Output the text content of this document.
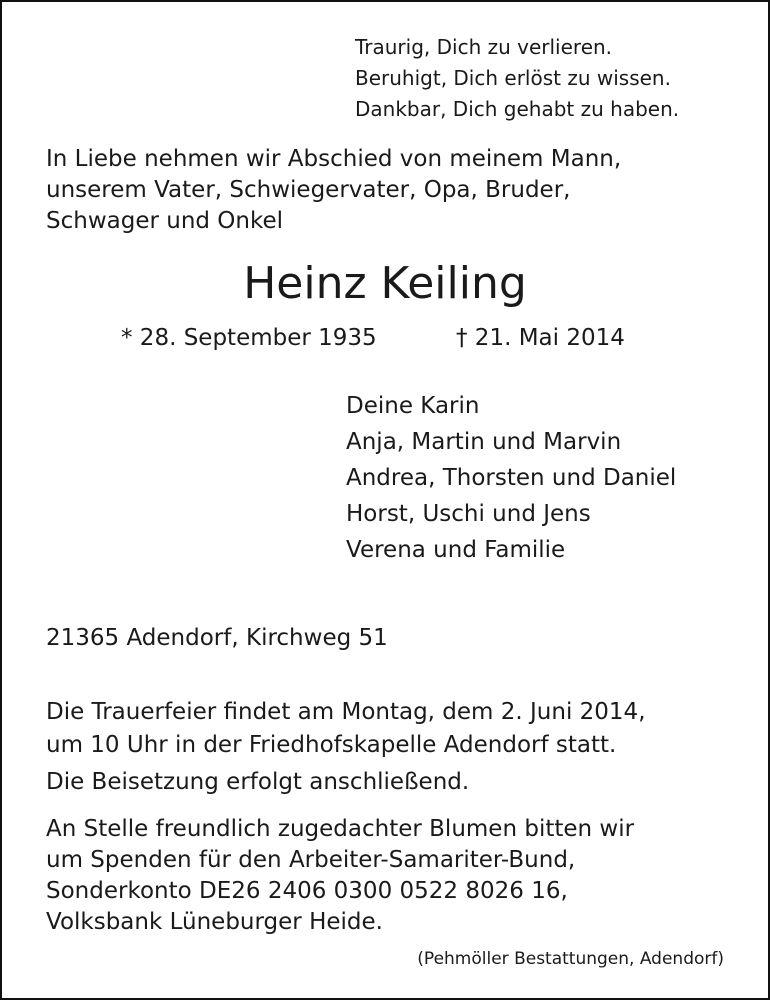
Traurig, Dich zu verlieren.
Beruhigt, Dich erlöst zu wissen.
Dankbar, Dich gehabt zu haben.
In Liebe nehmen wir Abschied von meinem Mann,
unserem Vater, Schwiegervater, Opa, Bruder,
Schwager und Onkel
Heinz Keiling
* 28. September 1935	† 21. Mai 2014
Deine Karin
Anja, Martin und Marvin
Andrea, Thorsten und Daniel
Horst, Uschi und Jens
Verena und Familie
21365 Adendorf, Kirchweg 51
Die Trauerfeier findet am Montag, dem 2. Juni 2014,
um 10 Uhr in der Friedhofskapelle Adendorf statt.
Die Beisetzung erfolgt anschließend.
An Stelle freundlich zugedachter Blumen bitten wir
um Spenden für den Arbeiter-Samariter-Bund,
Sonderkonto DE26 2406 0300 0522 8026 16,
Volksbank Lüneburger Heide.
(Pehmöller Bestattungen, Adendorf)
